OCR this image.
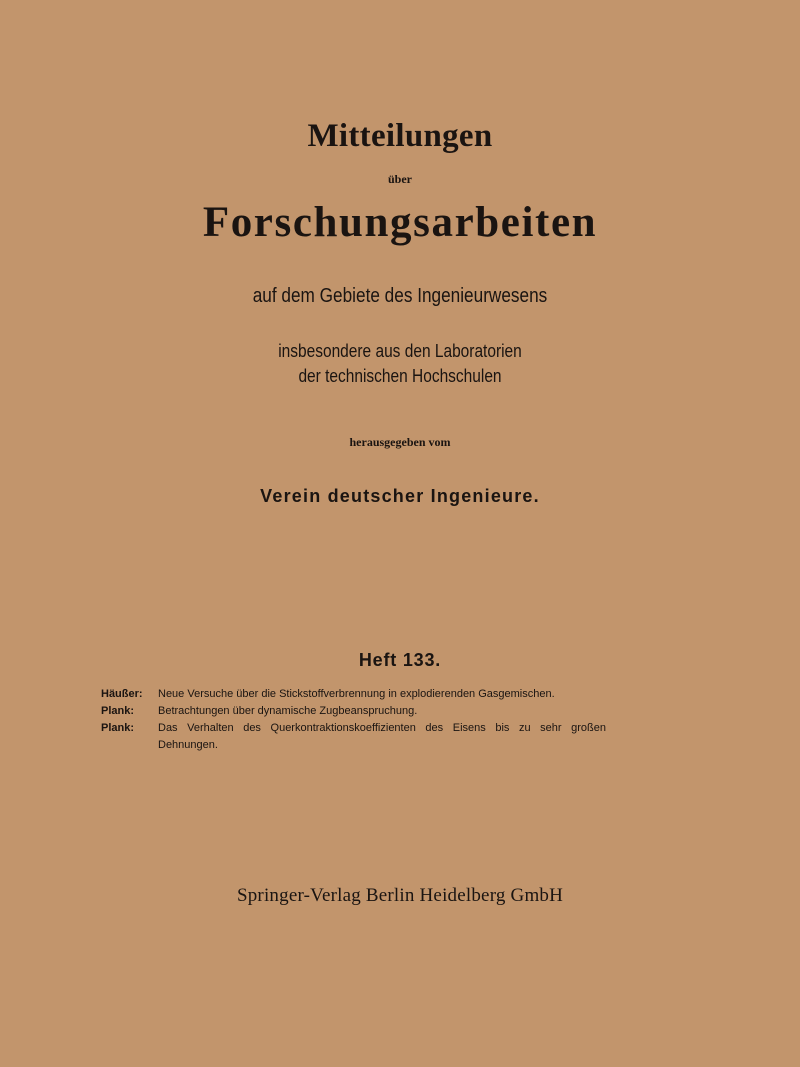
Mitteilungen
über
Forschungsarbeiten
auf dem Gebiete des Ingenieurwesens
insbesondere aus den Laboratorien
der technischen Hochschulen
herausgegeben vom
Verein deutscher Ingenieure.
Heft 133.

Häußer: Neue Versuche über die Stickstoffverbrennung in explodierenden Gasgemischen.

Plank: Betrachtungen über dynamische Zugbeanspruchung.

Plank: Das Verhalten des Querkontraktionskoeffizienten des Eisens bis zu sehr großen Dehnungen.

Springer-Verlag Berlin Heidelberg GmbH
